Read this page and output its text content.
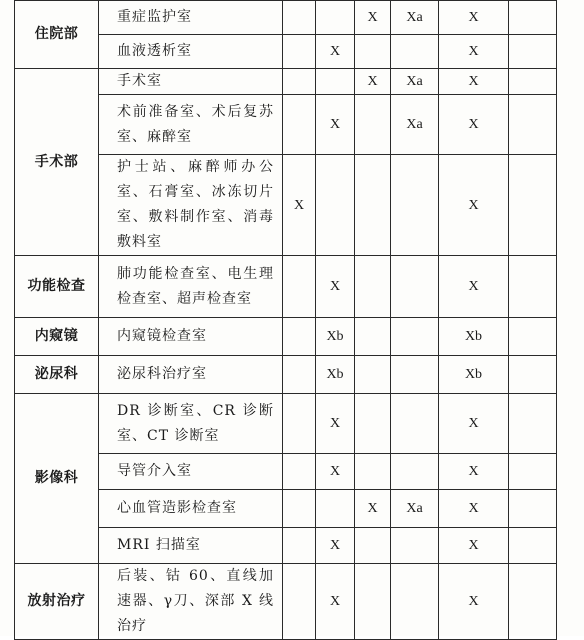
住院部	重症监护室			X	Xa	X	
	血液透析室		X			X	
手术部	手术室			X	Xa	X	
	术前准备室、术后复苏室、麻醉室		X		Xa	X	
	护士站、麻醉师办公室、石膏室、冰冻切片室、敷料制作室、消毒敷料室	X				X	
功能检查	肺功能检查室、电生理检查室、超声检查室		X			X	
内窥镜	内窥镜检查室		Xb			Xb	
泌尿科	泌尿科治疗室		Xb			Xb	
影像科	DR 诊断室、CR 诊断室、CT 诊断室		X			X	
	导管介入室		X			X	
	心血管造影检查室			X	Xa	X	
	MRI 扫描室		X			X	
放射治疗	后装、钴 60、直线加速器、γ刀、深部 X 线治疗		X			X	
